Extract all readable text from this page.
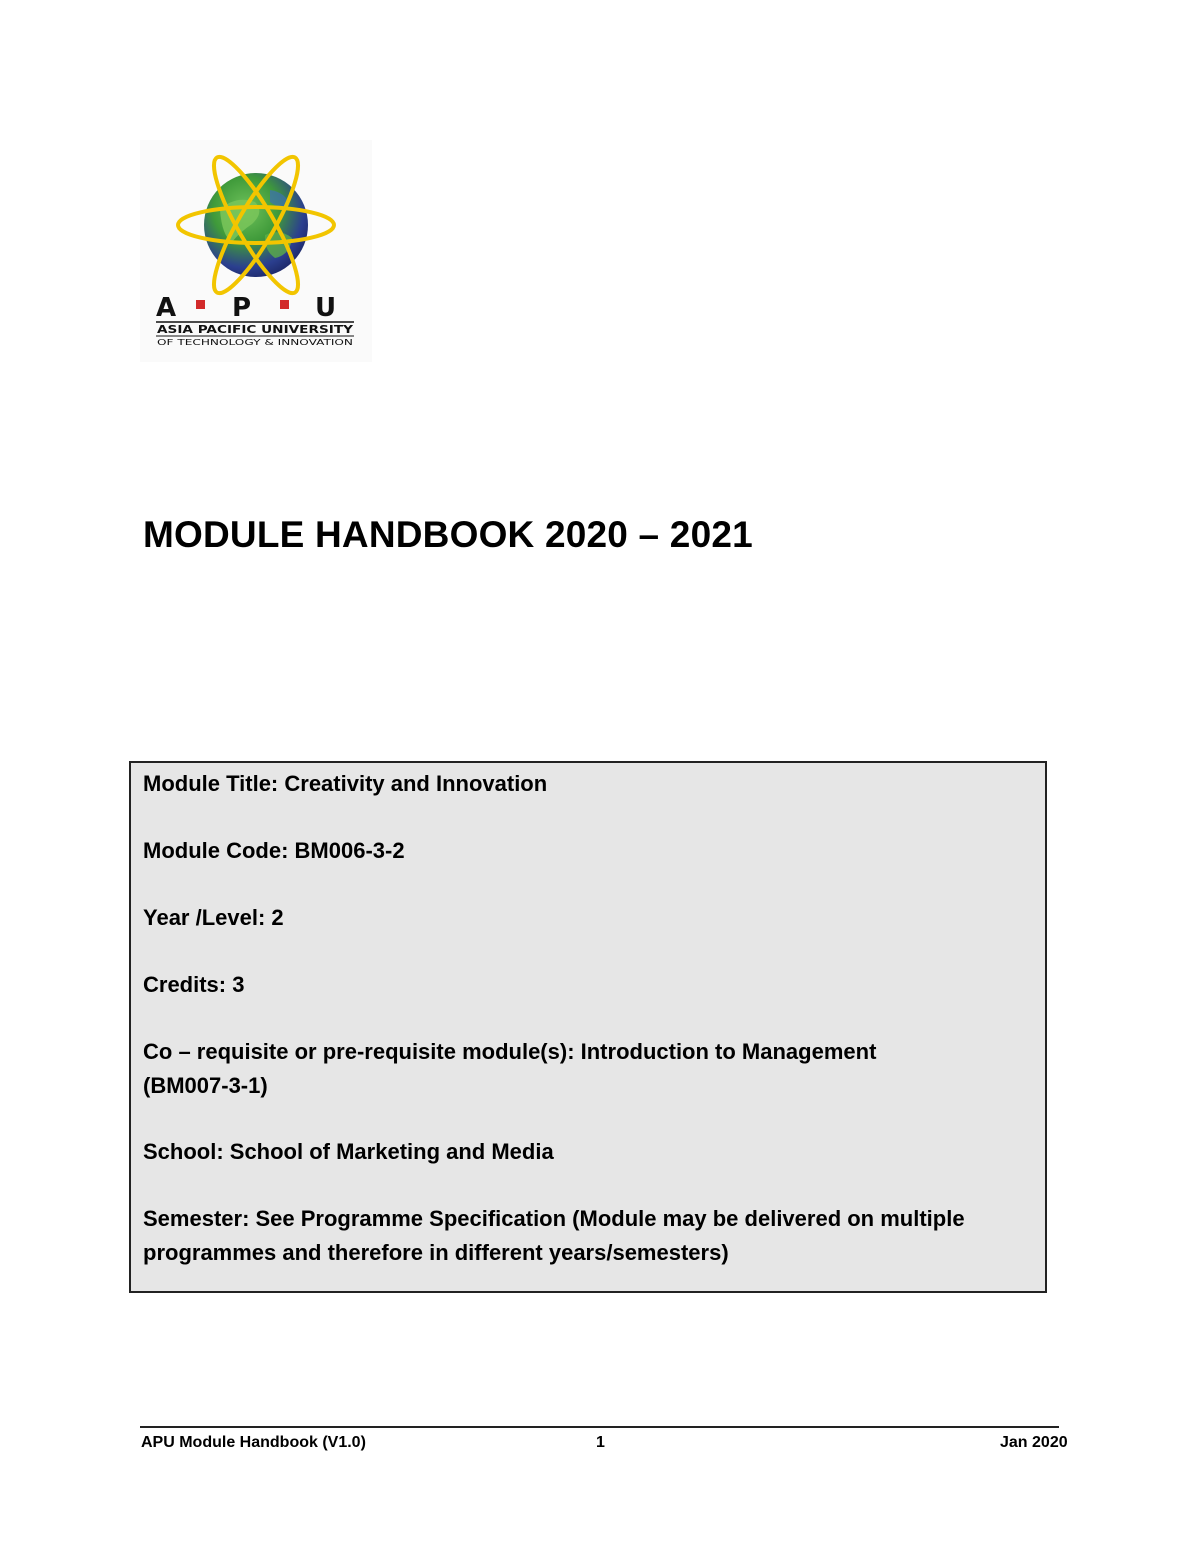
A P U
ASIA PACIFIC UNIVERSITY
OF TECHNOLOGY & INNOVATION
MODULE HANDBOOK 2020 – 2021

Module Title: Creativity and Innovation

Module Code: BM006-3-2

Year /Level: 2

Credits: 3

Co – requisite or pre-requisite module(s): Introduction to Management

(BM007-3-1)

School: School of Marketing and Media

Semester: See Programme Specification (Module may be delivered on multiple

programmes and therefore in different years/semesters)

APU Module Handbook (V1.0)	1	Jan 2020
